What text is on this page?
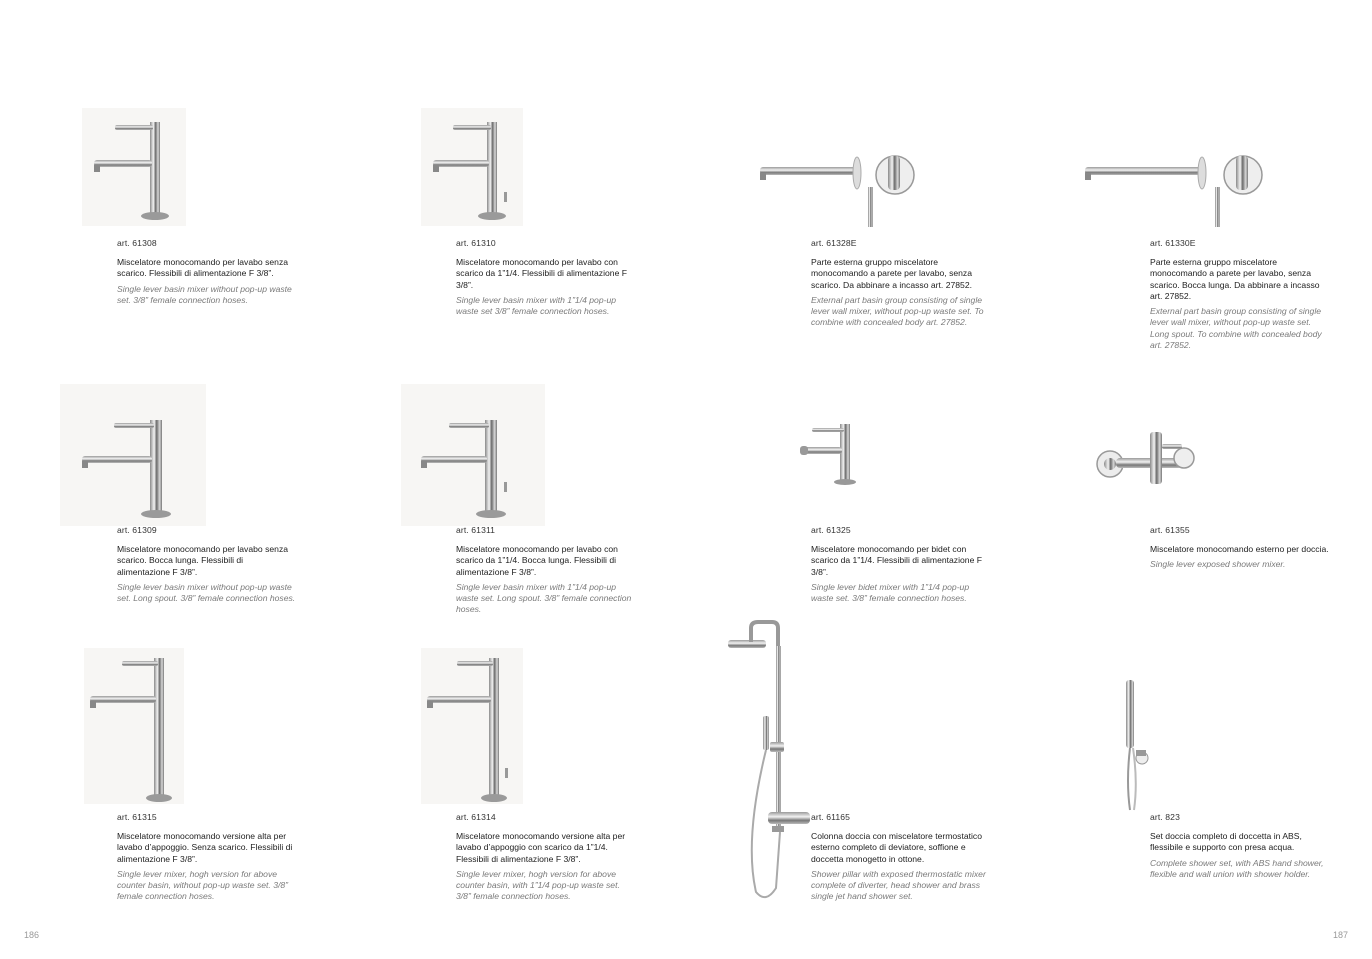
art. 61308

Miscelatore monocomando per lavabo senza scarico. Flessibili di alimentazione F 3/8”.

Single lever basin mixer without pop-up waste set. 3/8” female connection hoses.

art. 61310

Miscelatore monocomando per lavabo con scarico da 1”1/4. Flessibili di alimentazione F 3/8”.

Single lever basin mixer with 1”1/4 pop-up waste set 3/8” female connection hoses.

art. 61328E

Parte esterna gruppo miscelatore monocomando a parete per lavabo, senza scarico. Da abbinare a incasso art. 27852.

External part basin group consisting of single lever wall mixer, without pop-up waste set. To combine with concealed body art. 27852.

art. 61330E

Parte esterna gruppo miscelatore monocomando a parete per lavabo, senza scarico. Bocca lunga. Da abbinare a incasso art. 27852.

External part basin group consisting of single lever wall mixer, without pop-up waste set. Long spout. To combine with concealed body art. 27852.

art. 61309

Miscelatore monocomando per lavabo senza scarico. Bocca lunga. Flessibili di alimentazione F 3/8”.

Single lever basin mixer without pop-up waste set. Long spout. 3/8” female connection hoses.

art. 61311

Miscelatore monocomando per lavabo con scarico da 1”1/4. Bocca lunga. Flessibili di alimentazione F 3/8”.

Single lever basin mixer with 1”1/4 pop-up waste set. Long spout. 3/8” female connection hoses.

art. 61325

Miscelatore monocomando per bidet con scarico da 1”1/4. Flessibili di alimentazione F 3/8”.

Single lever bidet mixer with 1”1/4 pop-up waste set. 3/8” female connection hoses.

art. 61355

Miscelatore monocomando esterno per doccia.

Single lever exposed shower mixer.

art. 61315

Miscelatore monocomando versione alta per lavabo d’appoggio. Senza scarico. Flessibili di alimentazione F 3/8”.

Single lever mixer, hogh version for above counter basin, without pop-up waste set. 3/8” female connection hoses.

art. 61314

Miscelatore monocomando versione alta per lavabo d’appoggio con scarico da 1”1/4. Flessibili di alimentazione F 3/8”.

Single lever mixer, hogh version for above counter basin, with 1”1/4 pop-up waste set. 3/8” female connection hoses.

art. 61165

Colonna doccia con miscelatore termostatico esterno completo di deviatore, soffione e doccetta monogetto in ottone.

Shower pillar with exposed thermostatic mixer complete of diverter, head shower and brass single jet hand shower set.

art. 823

Set doccia completo di doccetta in ABS, flessibile e supporto con presa acqua.

Complete shower set, with ABS hand shower, flexible and wall union with shower holder.

186	187
